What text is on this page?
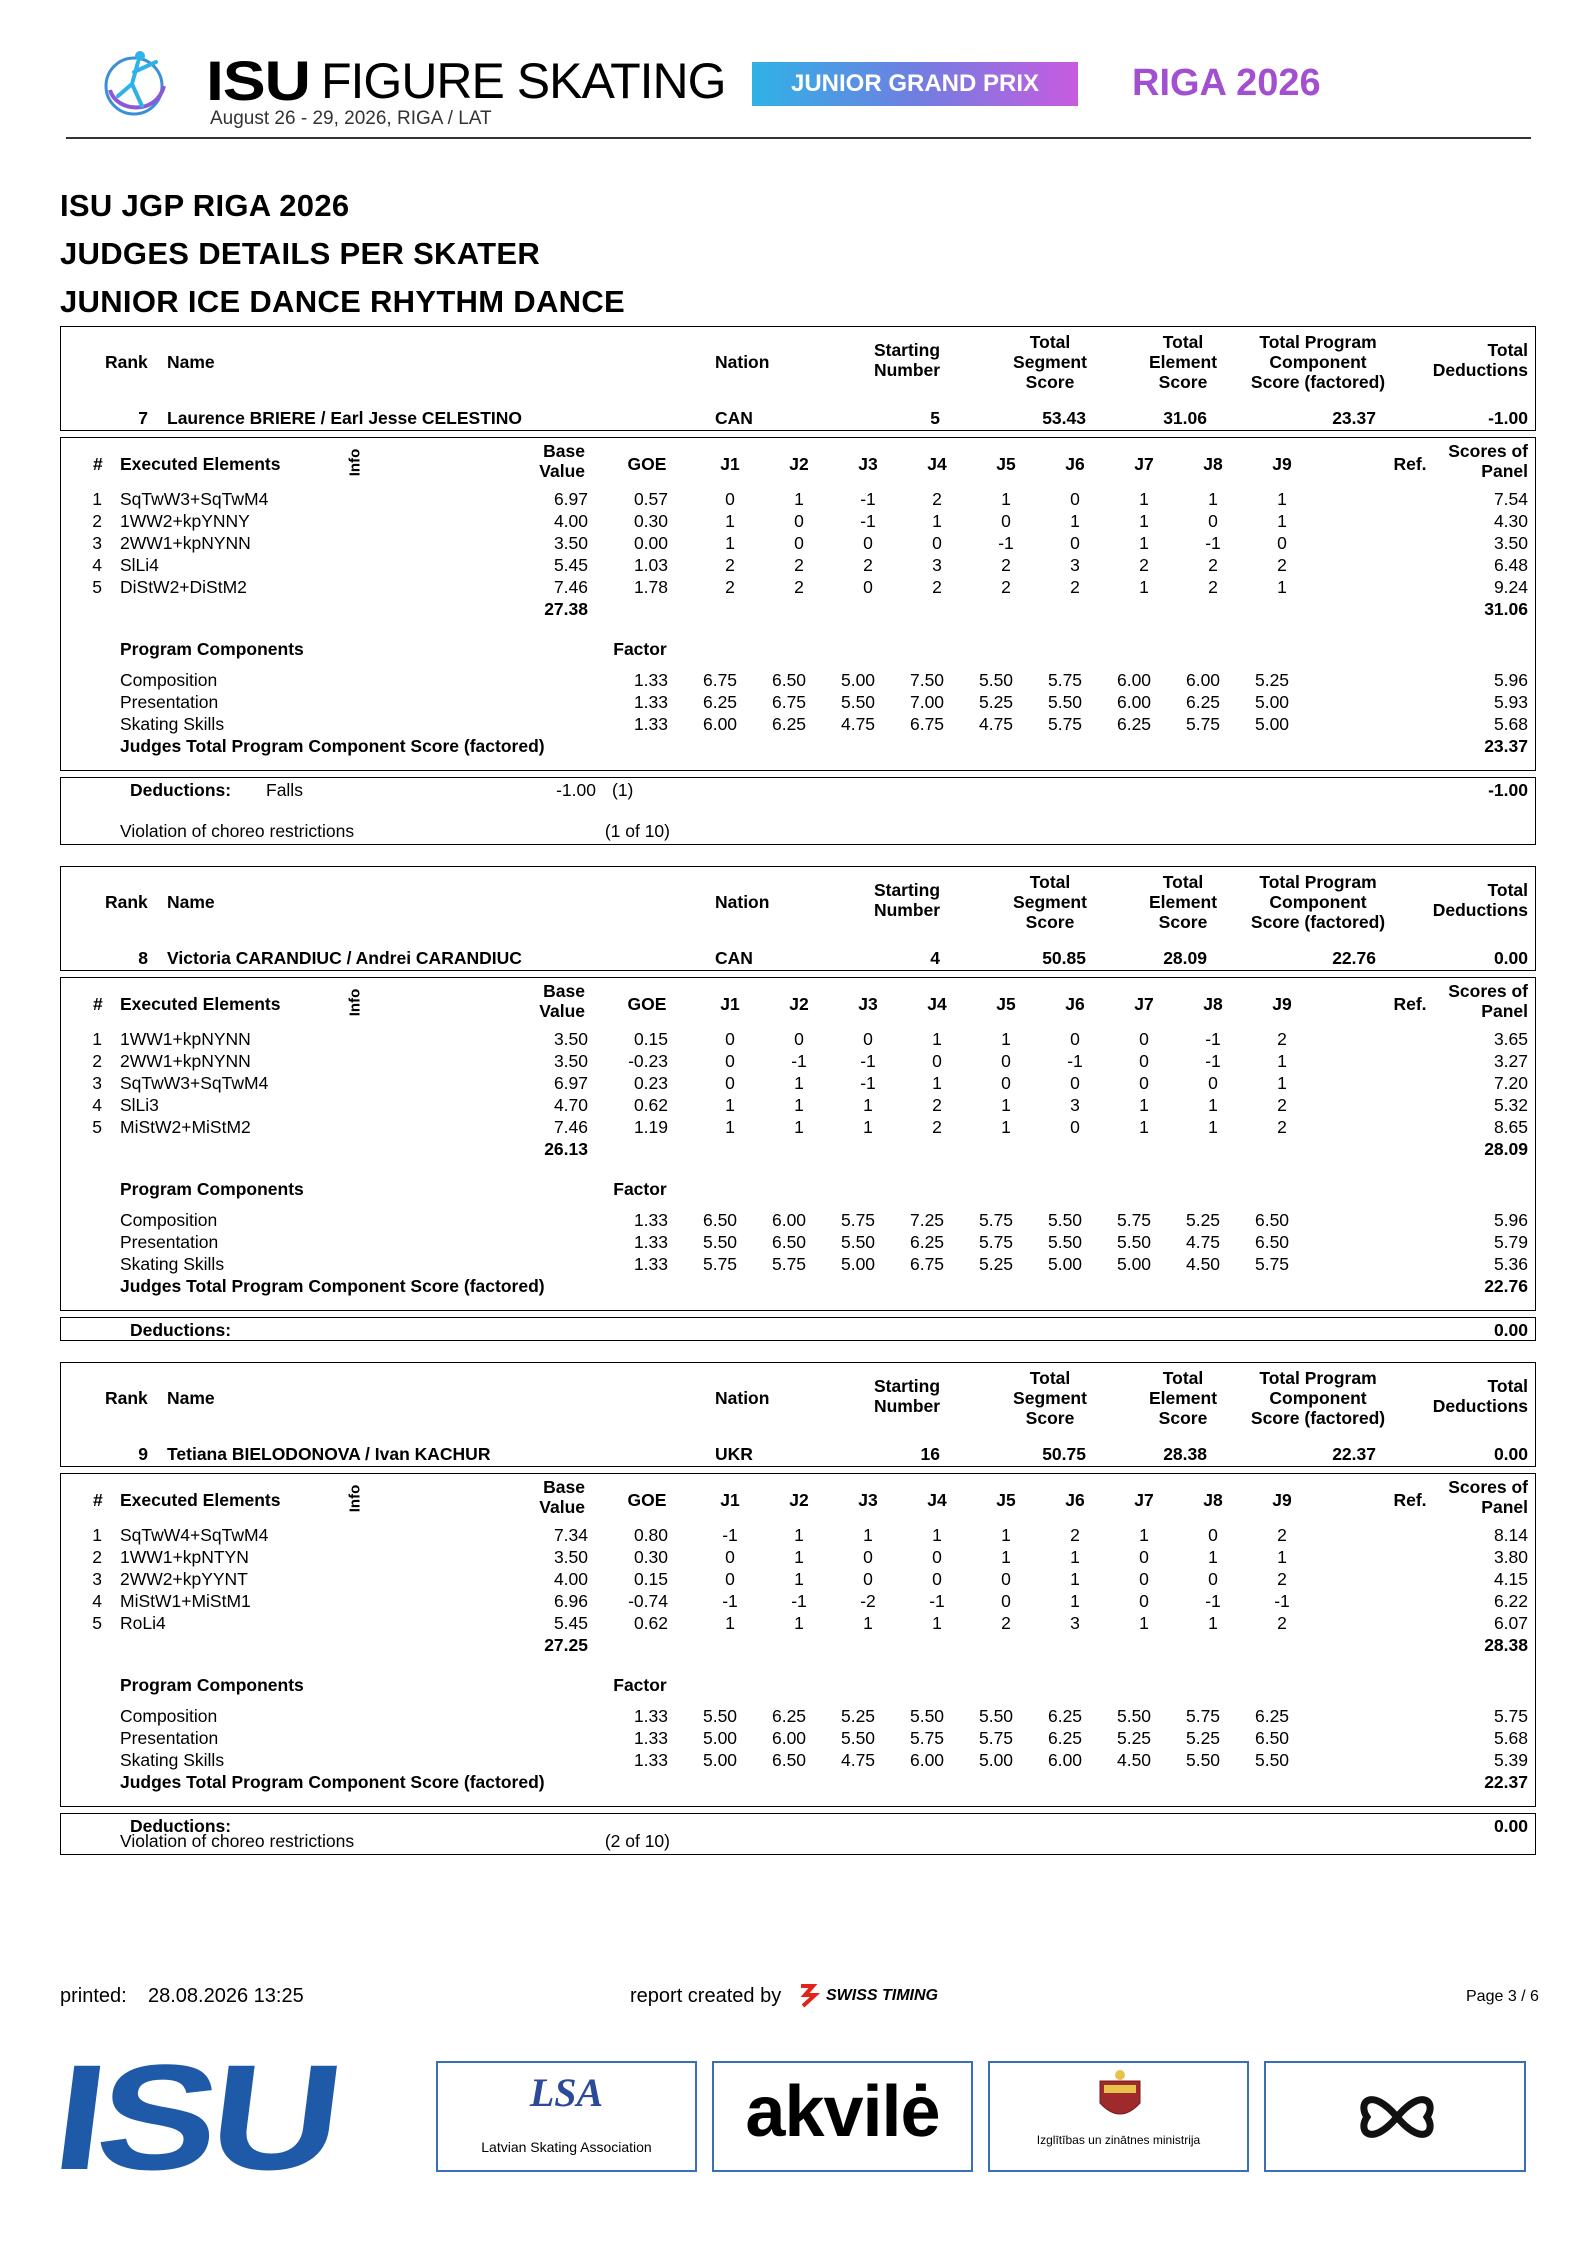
ISU FIGURE SKATING
August 26 - 29, 2026, RIGA / LAT
JUNIOR GRAND PRIX	RIGA 2026
ISU JGP RIGA 2026
JUDGES DETAILS PER SKATER
JUNIOR ICE DANCE RHYTHM DANCE
Rank Name	Nation
Starting
Number
Total
Segment
Score
Total
Element
Score
Total Program
Component
Score (factored)
Total
Deductions
7 Laurence BRIERE / Earl Jesse CELESTINO	CAN	5	53.43	31.06	23.37	-1.00
# Executed Elements	Info	Base
Value	GOE	J1	J2	J3	J4	J5	J6	J7	J8	J9	Ref.
Scores of
Panel
1 SqTwW3+SqTwM4	6.97	0.57	0	1	-1	2	1	0	1	1	1	7.54
2 1WW2+kpYNNY	4.00	0.30	1	0	-1	1	0	1	1	0	1	4.30
3 2WW1+kpNYNN	3.50	0.00	1	0	0	0	-1	0	1	-1	0	3.50
4 SlLi4	5.45	1.03	2	2	2	3	2	3	2	2	2	6.48
5 DiStW2+DiStM2	7.46	1.78	2	2	0	2	2	2	1	2	1	9.24
27.38	31.06
Program Components	Factor
Composition	1.33	6.75	6.50	5.00	7.50	5.50	5.75	6.00	6.00	5.25	5.96
Presentation	1.33	6.25	6.75	5.50	7.00	5.25	5.50	6.00	6.25	5.00	5.93
Skating Skills	1.33	6.00	6.25	4.75	6.75	4.75	5.75	6.25	5.75	5.00	5.68
Judges Total Program Component Score (factored)	23.37
Deductions: Falls	-1.00 (1)	-1.00
Violation of choreo restrictions	(1 of 10)
Rank Name	Nation
Starting
Number
Total
Segment
Score
Total
Element
Score
Total Program
Component
Score (factored)
Total
Deductions
8 Victoria CARANDIUC / Andrei CARANDIUC	CAN	4	50.85	28.09	22.76	0.00
# Executed Elements	Info	Base
Value	GOE	J1	J2	J3	J4	J5	J6	J7	J8	J9	Ref.
Scores of
Panel
1 1WW1+kpNYNN	3.50	0.15	0	0	0	1	1	0	0	-1	2	3.65
2 2WW1+kpNYNN	3.50	-0.23	0	-1	-1	0	0	-1	0	-1	1	3.27
3 SqTwW3+SqTwM4	6.97	0.23	0	1	-1	1	0	0	0	0	1	7.20
4 SlLi3	4.70	0.62	1	1	1	2	1	3	1	1	2	5.32
5 MiStW2+MiStM2	7.46	1.19	1	1	1	2	1	0	1	1	2	8.65
26.13	28.09
Program Components	Factor
Composition	1.33	6.50	6.00	5.75	7.25	5.75	5.50	5.75	5.25	6.50	5.96
Presentation	1.33	5.50	6.50	5.50	6.25	5.75	5.50	5.50	4.75	6.50	5.79
Skating Skills	1.33	5.75	5.75	5.00	6.75	5.25	5.00	5.00	4.50	5.75	5.36
Judges Total Program Component Score (factored)	22.76
Deductions:	0.00
Rank Name	Nation
Starting
Number
Total
Segment
Score
Total
Element
Score
Total Program
Component
Score (factored)
Total
Deductions
9 Tetiana BIELODONOVA / Ivan KACHUR	UKR	16	50.75	28.38	22.37	0.00
# Executed Elements	Info	Base
Value	GOE	J1	J2	J3	J4	J5	J6	J7	J8	J9	Ref.
Scores of
Panel
1 SqTwW4+SqTwM4	7.34	0.80	-1	1	1	1	1	2	1	0	2	8.14
2 1WW1+kpNTYN	3.50	0.30	0	1	0	0	1	1	0	1	1	3.80
3 2WW2+kpYYNT	4.00	0.15	0	1	0	0	0	1	0	0	2	4.15
4 MiStW1+MiStM1	6.96	-0.74	-1	-1	-2	-1	0	1	0	-1	-1	6.22
5 RoLi4	5.45	0.62	1	1	1	1	2	3	1	1	2	6.07
27.25	28.38
Program Components	Factor
Composition	1.33	5.50	6.25	5.25	5.50	5.50	6.25	5.50	5.75	6.25	5.75
Presentation	1.33	5.00	6.00	5.50	5.75	5.75	6.25	5.25	5.25	6.50	5.68
Skating Skills	1.33	5.00	6.50	4.75	6.00	5.00	6.00	4.50	5.50	5.50	5.39
Judges Total Program Component Score (factored)	22.37
Deductions:	0.00
Violation of choreo restrictions	(2 of 10)
printed: 28.08.2026 13:25	report created by	SWISS TIMING	Page 3 / 6
ISU	LSA
Latvian Skating Association	akvilė	Izglītības un zinātnes ministrija
